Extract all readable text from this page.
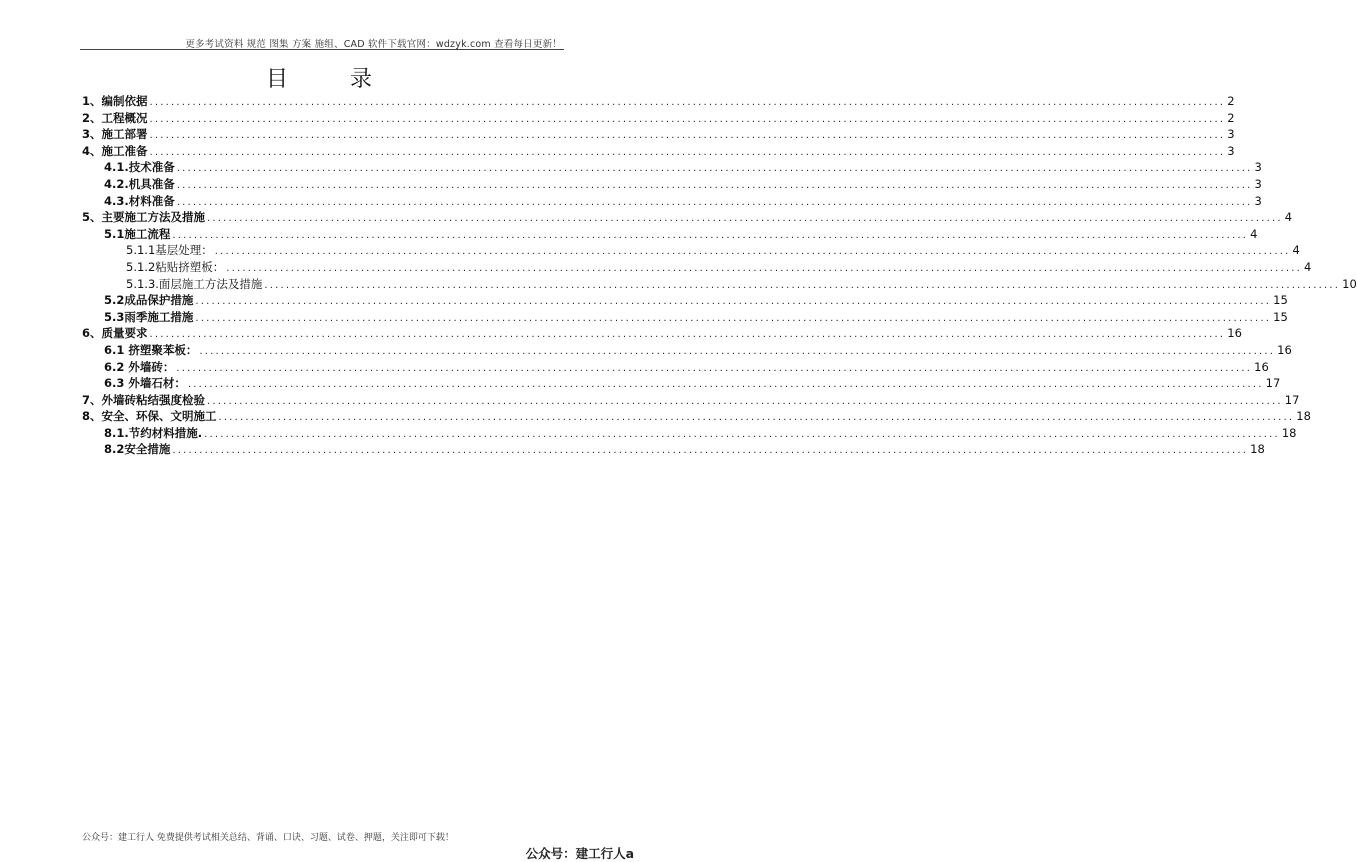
更多考试资料 规范 图集 方案 施组、CAD 软件下载官网：wdzyk.com 查看每日更新！
目	录
1、编制依据 ........................................................................................................................................................................................................ 2
2、工程概况 ........................................................................................................................................................................................................ 2
3、施工部署 ........................................................................................................................................................................................................ 3
4、施工准备 ........................................................................................................................................................................................................ 3
4.1.技术准备 ........................................................................................................................................................................................................ 3
4.2.机具准备 ........................................................................................................................................................................................................ 3
4.3.材料准备 ........................................................................................................................................................................................................ 3
5、主要施工方法及措施 ........................................................................................................................................................................................................ 4
5.1施工流程 ........................................................................................................................................................................................................ 4
5.1.1基层处理： ........................................................................................................................................................................................................ 4
5.1.2粘贴挤塑板： ........................................................................................................................................................................................................ 4
5.1.3.面层施工方法及措施 ........................................................................................................................................................................................................ 10
5.2成品保护措施 ........................................................................................................................................................................................................ 15
5.3雨季施工措施 ........................................................................................................................................................................................................ 15
6、质量要求 ........................................................................................................................................................................................................ 16
6.1 挤塑聚苯板： ........................................................................................................................................................................................................ 16
6.2 外墙砖： ........................................................................................................................................................................................................ 16
6.3 外墙石材： ........................................................................................................................................................................................................ 17
7、外墙砖粘结强度检验 ........................................................................................................................................................................................................ 17
8、安全、环保、文明施工 ........................................................................................................................................................................................................ 18
8.1.节约材料措施. ........................................................................................................................................................................................................ 18
8.2安全措施 ........................................................................................................................................................................................................ 18
公众号：建工行人 免费提供考试相关总结、背诵、口诀、习题、试卷、押题，关注即可下载！
公众号：建工行人a
